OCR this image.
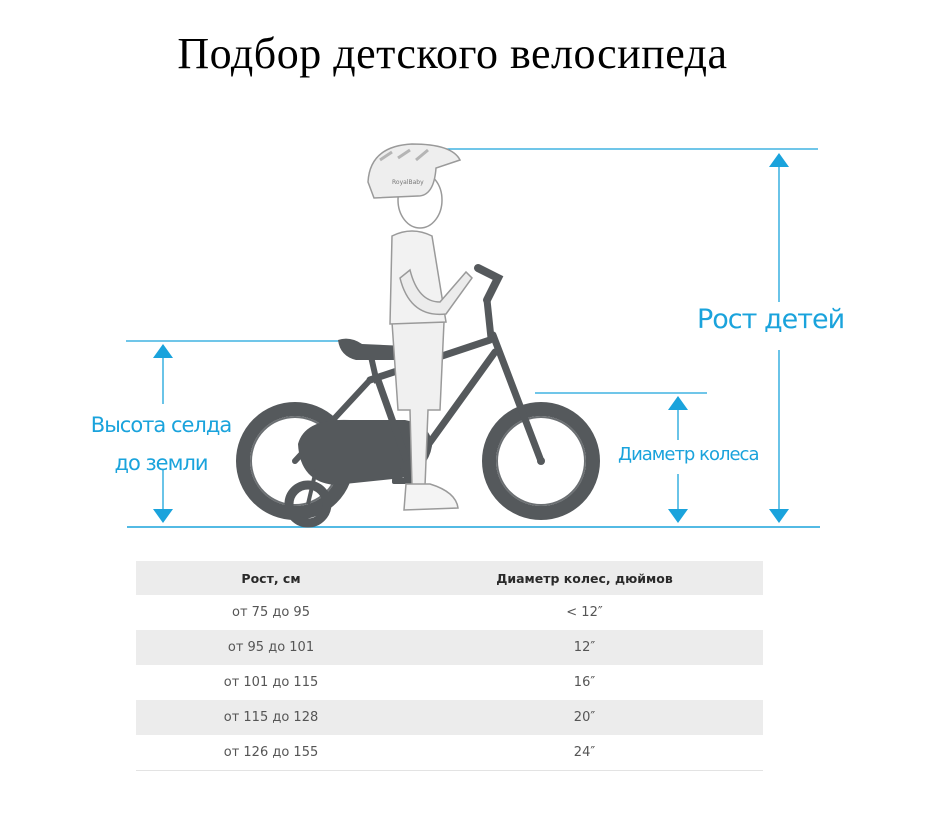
Подбор детского велосипеда
RoyalBaby
Рост детей
Высота селда
до земли	Диаметр колеса
Рост, см	Диаметр колес, дюймов
от 75 до 95	< 12″
от 95 до 101	12″
от 101 до 115	16″
от 115 до 128	20″
от 126 до 155	24″
